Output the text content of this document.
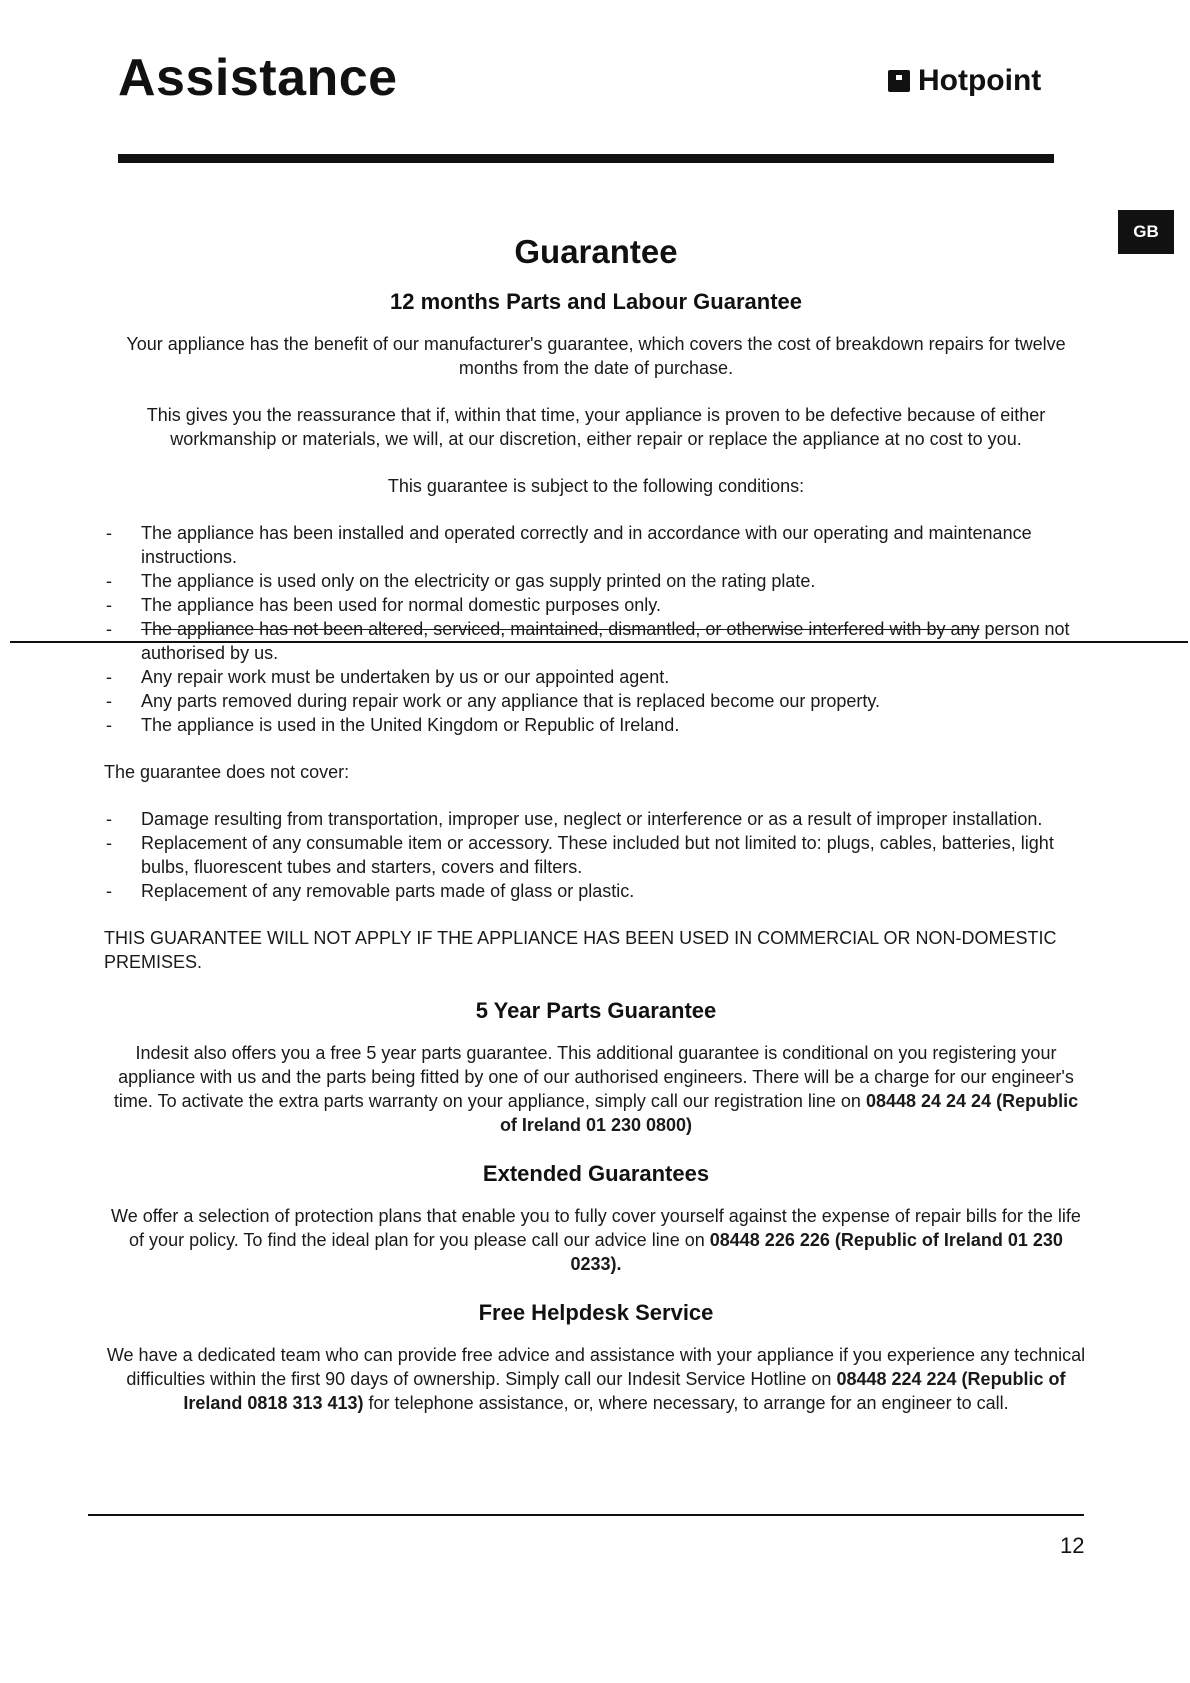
Assistance	Hotpoint
GB
Guarantee
12 months Parts and Labour Guarantee

Your appliance has the benefit of our manufacturer's guarantee, which covers the cost of breakdown repairs for twelve months from the date of purchase.

This gives you the reassurance that if, within that time, your appliance is proven to be defective because of either workmanship or materials, we will, at our discretion, either repair or replace the appliance at no cost to you.

This guarantee is subject to the following conditions:

- The appliance has been installed and operated correctly and in accordance with our operating and maintenance instructions.
- The appliance is used only on the electricity or gas supply printed on the rating plate.
- The appliance has been used for normal domestic purposes only.
- The appliance has not been altered, serviced, maintained, dismantled, or otherwise interfered with by any person not authorised by us.
- Any repair work must be undertaken by us or our appointed agent.
- Any parts removed during repair work or any appliance that is replaced become our property.
- The appliance is used in the United Kingdom or Republic of Ireland.

The guarantee does not cover:

- Damage resulting from transportation, improper use, neglect or interference or as a result of improper installation.
- Replacement of any consumable item or accessory. These included but not limited to: plugs, cables, batteries, light bulbs, fluorescent tubes and starters, covers and filters.
- Replacement of any removable parts made of glass or plastic.

THIS GUARANTEE WILL NOT APPLY IF THE APPLIANCE HAS BEEN USED IN COMMERCIAL OR NON-DOMESTIC PREMISES.

5 Year Parts Guarantee

Indesit also offers you a free 5 year parts guarantee. This additional guarantee is conditional on you registering your appliance with us and the parts being fitted by one of our authorised engineers. There will be a charge for our engineer's time. To activate the extra parts warranty on your appliance, simply call our registration line on 08448 24 24 24 (Republic of Ireland 01 230 0800)

Extended Guarantees

We offer a selection of protection plans that enable you to fully cover yourself against the expense of repair bills for the life of your policy. To find the ideal plan for you please call our advice line on 08448 226 226 (Republic of Ireland 01 230 0233).

Free Helpdesk Service

We have a dedicated team who can provide free advice and assistance with your appliance if you experience any technical difficulties within the first 90 days of ownership. Simply call our Indesit Service Hotline on 08448 224 224 (Republic of Ireland 0818 313 413) for telephone assistance, or, where necessary, to arrange for an engineer to call.

12
